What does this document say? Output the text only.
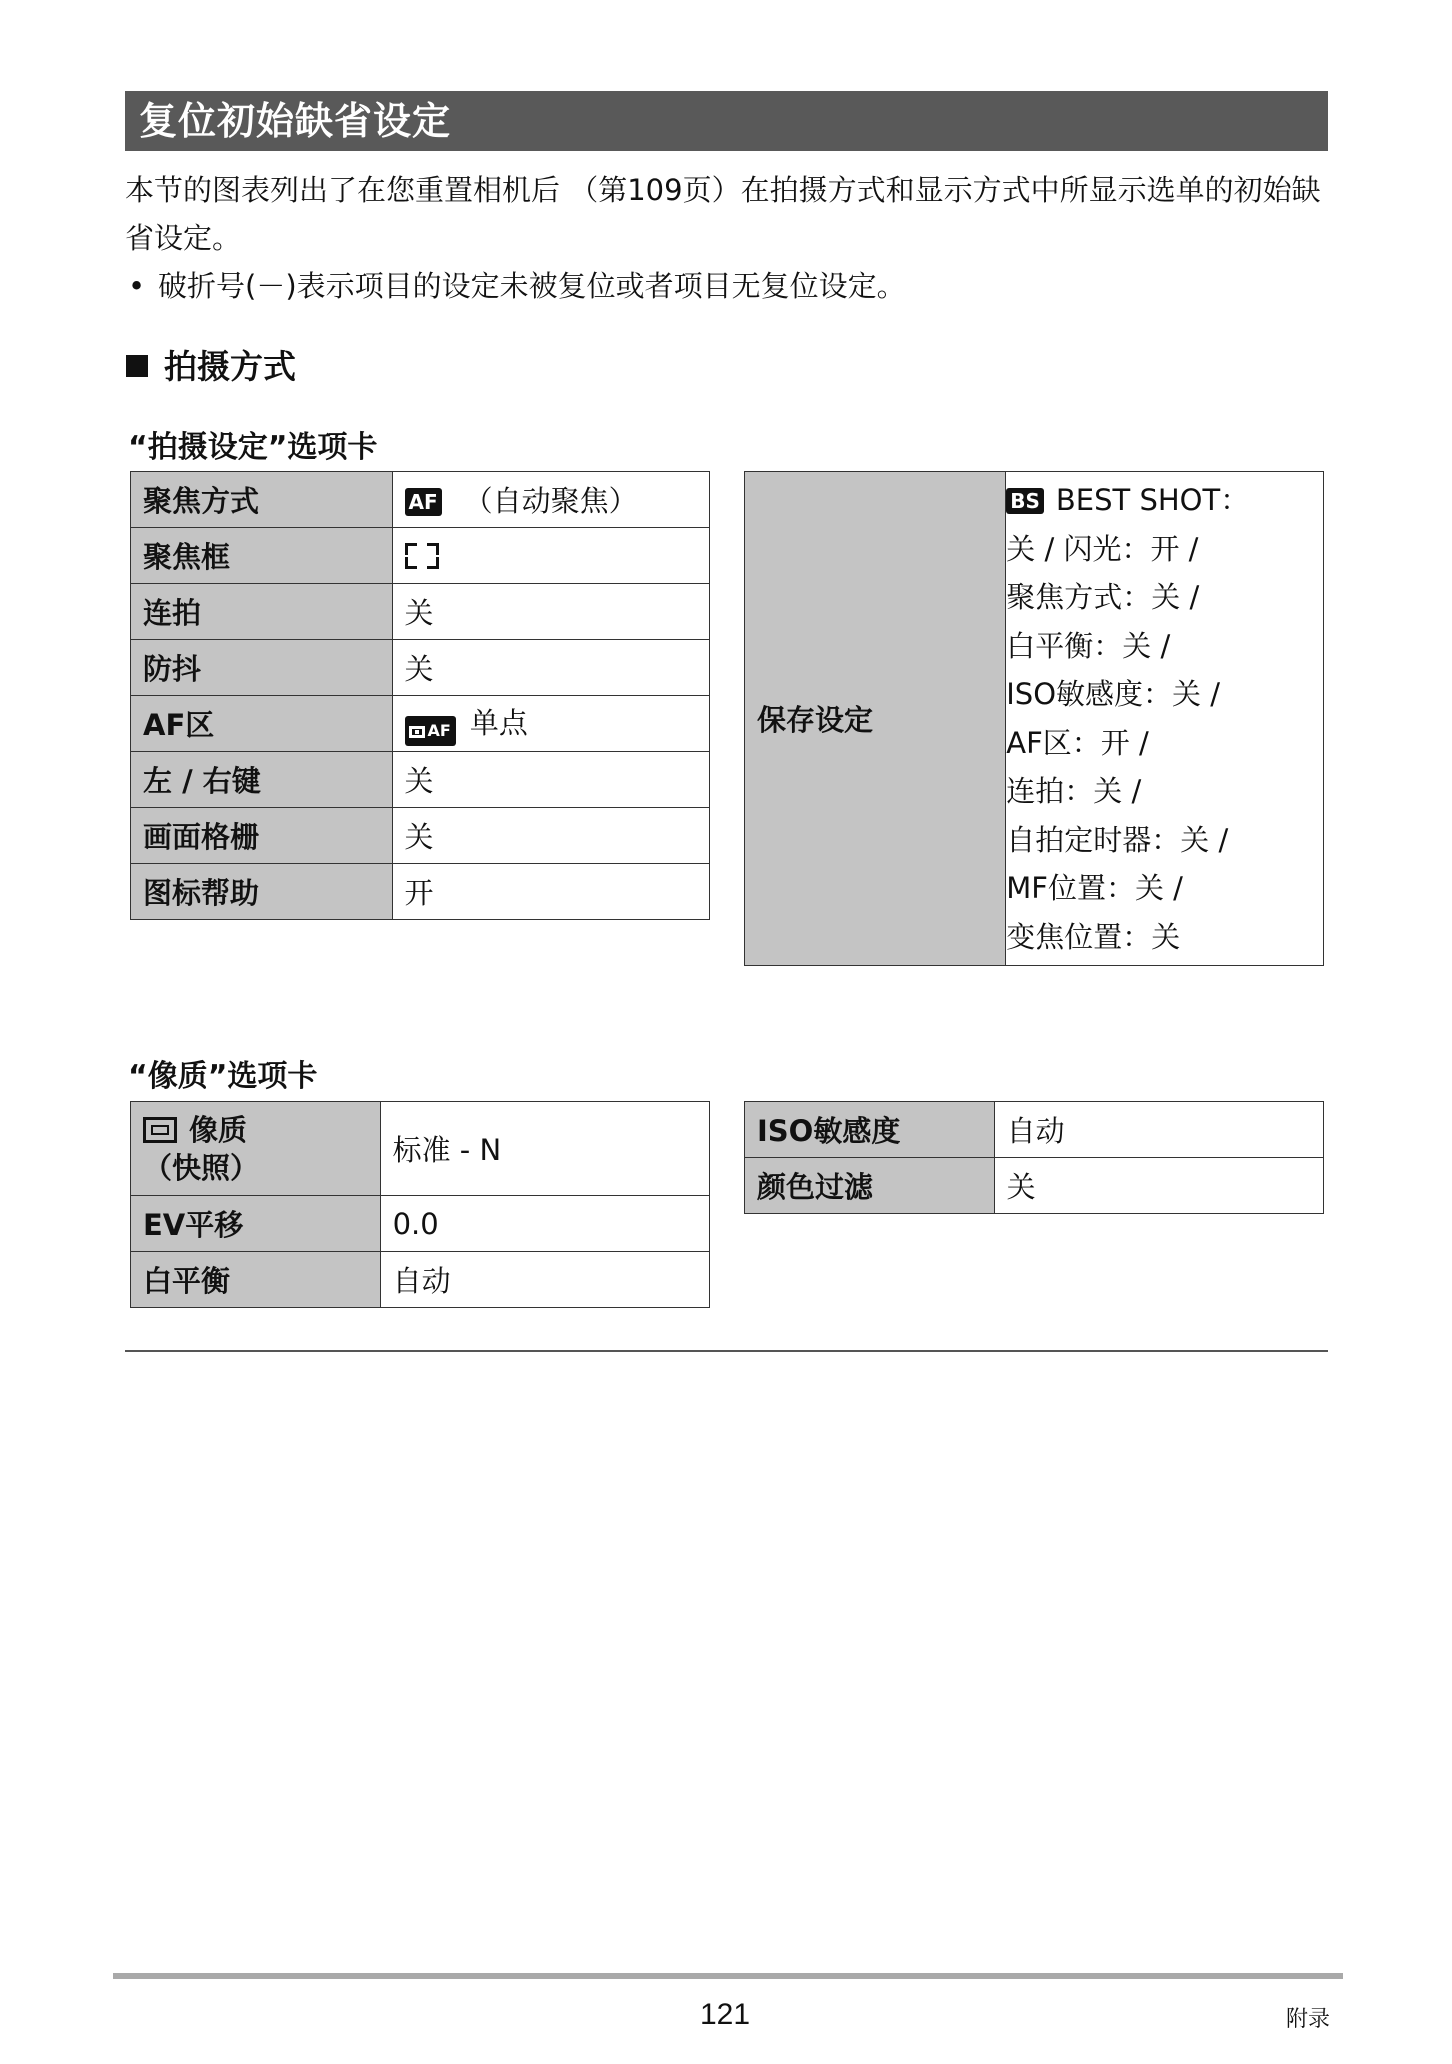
复位初始缺省设定
本节的图表列出了在您重置相机后 （第109页）在拍摄方式和显示方式中所显示选单的初始缺省设定。
• 破折号(－)表示项目的设定未被复位或者项目无复位设定。
拍摄方式
“拍摄设定”选项卡
聚焦方式	AF （自动聚焦）
聚焦框	

连拍	关
防抖	关
AF区	AF 单点
左 / 右键	关
画面格栅	关
图标帮助	开
保存设定	
BS BEST SHOT：
关 / 闪光：开 /
聚焦方式：关 /
白平衡：关 /
ISO敏感度：关 /
AF区：开 /
连拍：关 /
自拍定时器：关 /
MF位置：关 /
变焦位置：关
“像质”选项卡
像质
（快照）	标准 - N
EV平移	0.0
白平衡	自动
ISO敏感度	自动
颜色过滤	关
121	附录
